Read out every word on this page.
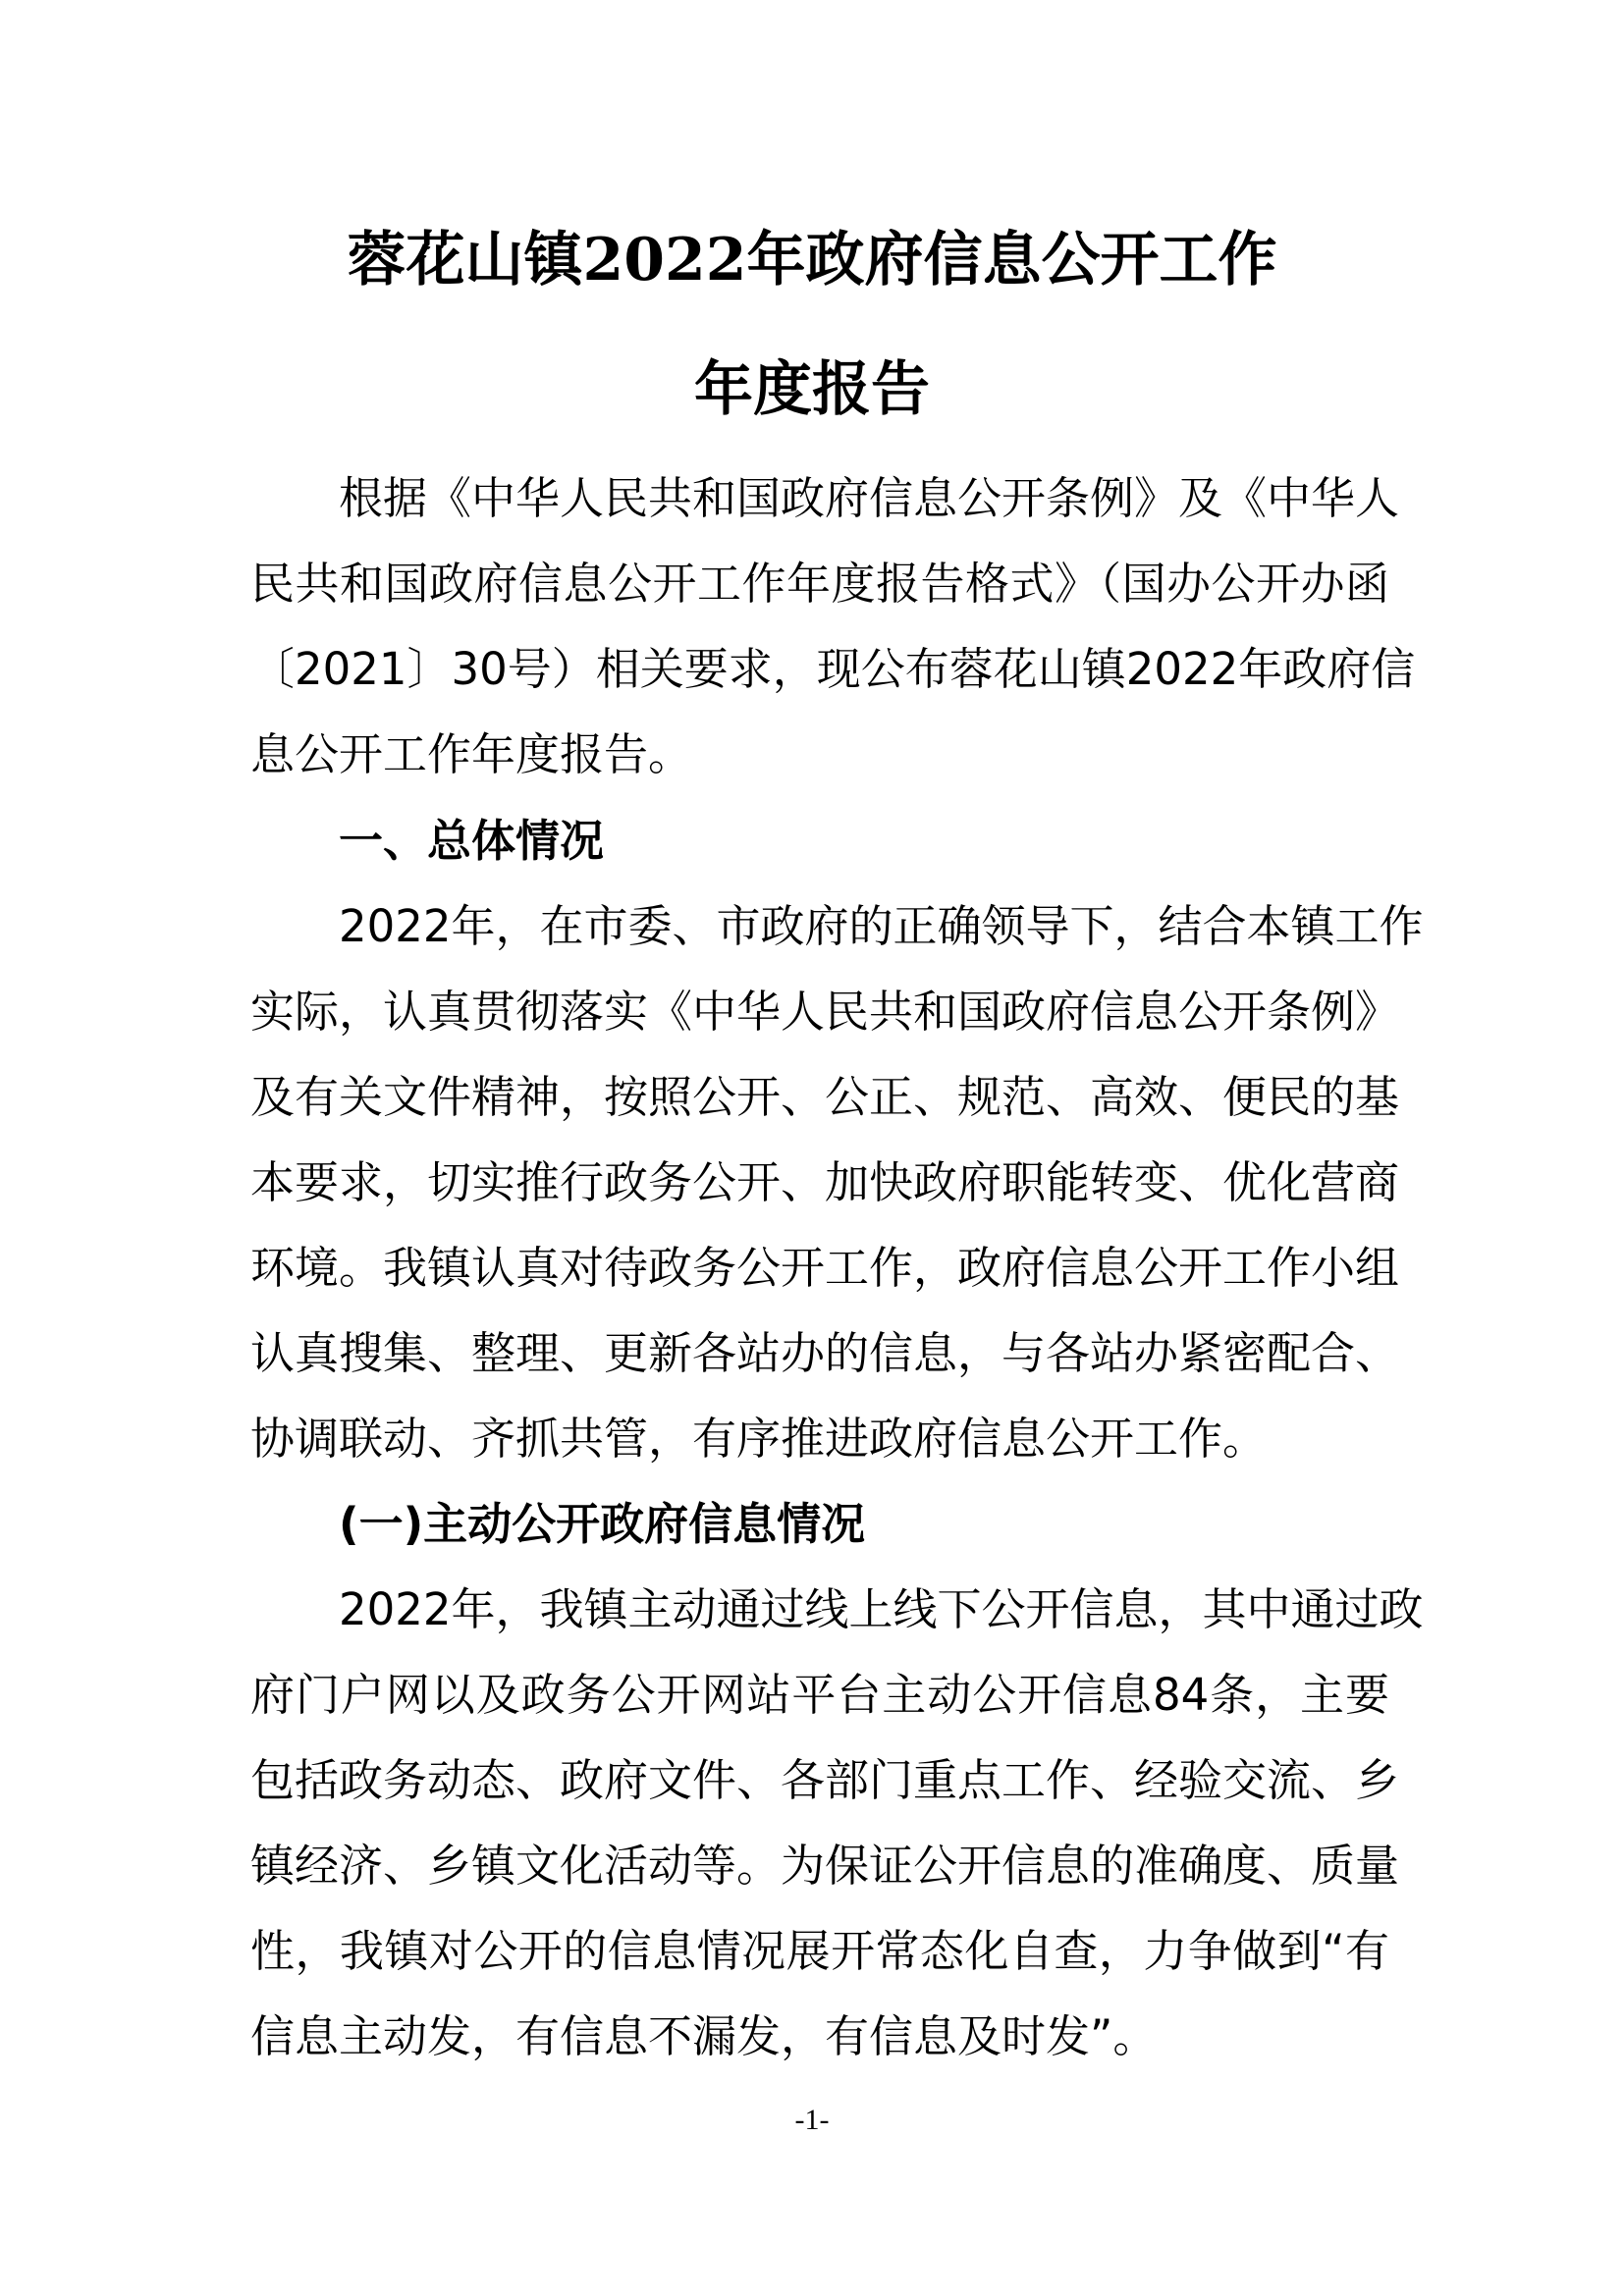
蓉花山镇2022年政府信息公开工作
年度报告
根据《中华人民共和国政府信息公开条例》及《中华人
民共和国政府信息公开工作年度报告格式》（国办公开办函
〔2021〕30号）相关要求，现公布蓉花山镇2022年政府信
息公开工作年度报告。
一、总体情况
2022年，在市委、市政府的正确领导下，结合本镇工作
实际，认真贯彻落实《中华人民共和国政府信息公开条例》
及有关文件精神，按照公开、公正、规范、高效、便民的基
本要求，切实推行政务公开、加快政府职能转变、优化营商
环境。我镇认真对待政务公开工作，政府信息公开工作小组
认真搜集、整理、更新各站办的信息，与各站办紧密配合、
协调联动、齐抓共管，有序推进政府信息公开工作。
(一)主动公开政府信息情况
2022年，我镇主动通过线上线下公开信息，其中通过政
府门户网以及政务公开网站平台主动公开信息84条，主要
包括政务动态、政府文件、各部门重点工作、经验交流、乡
镇经济、乡镇文化活动等。为保证公开信息的准确度、质量
性，我镇对公开的信息情况展开常态化自查，力争做到“有
信息主动发，有信息不漏发，有信息及时发”。
-1-
